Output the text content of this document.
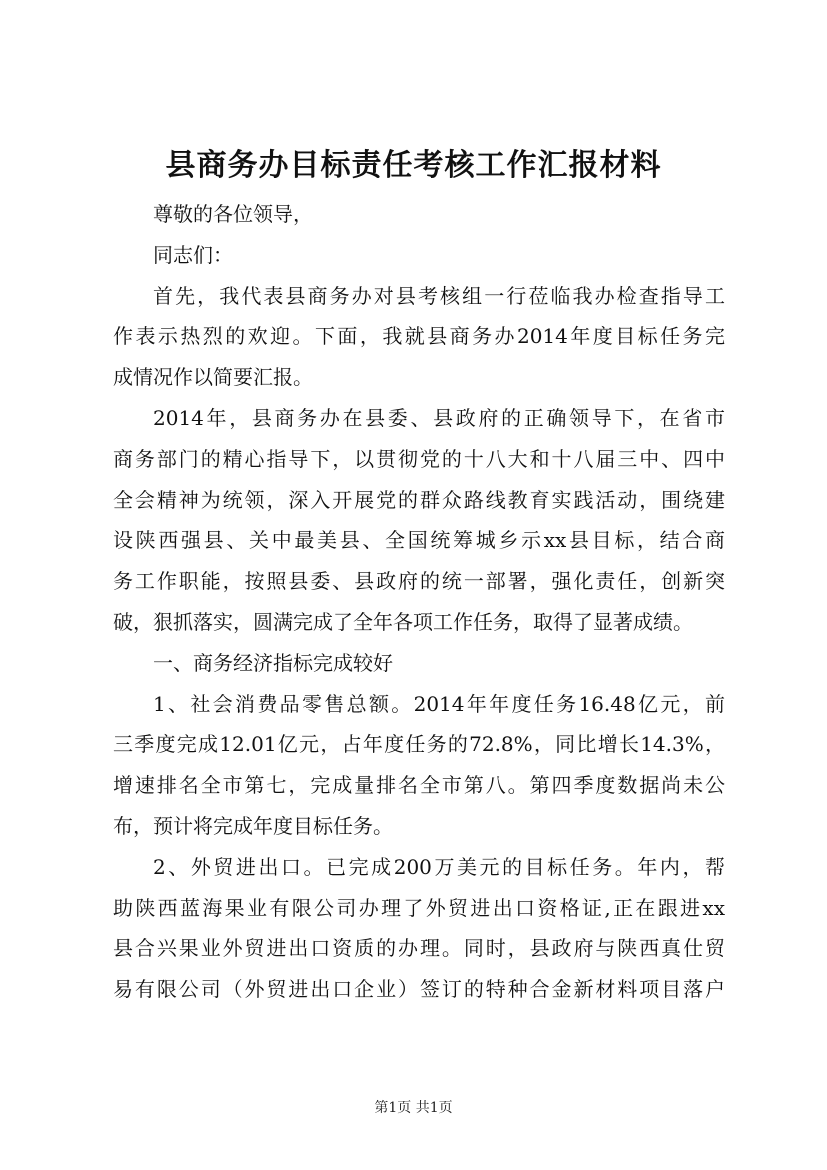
县商务办目标责任考核工作汇报材料
尊敬的各位领导，
同志们：
首先，我代表县商务办对县考核组一行莅临我办检查指导工
作表示热烈的欢迎。下面，我就县商务办2014年度目标任务完
成情况作以简要汇报。
2014年，县商务办在县委、县政府的正确领导下，在省市
商务部门的精心指导下，以贯彻党的十八大和十八届三中、四中
全会精神为统领，深入开展党的群众路线教育实践活动，围绕建
设陕西强县、关中最美县、全国统筹城乡示xx县目标，结合商
务工作职能，按照县委、县政府的统一部署，强化责任，创新突
破，狠抓落实，圆满完成了全年各项工作任务，取得了显著成绩。
一、商务经济指标完成较好
1、社会消费品零售总额。2014年年度任务16.48亿元，前
三季度完成12.01亿元，占年度任务的72.8%，同比增长14.3%，
增速排名全市第七，完成量排名全市第八。第四季度数据尚未公
布，预计将完成年度目标任务。
2、外贸进出口。已完成200万美元的目标任务。年内，帮
助陕西蓝海果业有限公司办理了外贸进出口资格证,正在跟进xx
县合兴果业外贸进出口资质的办理。同时，县政府与陕西真仕贸
易有限公司（外贸进出口企业）签订的特种合金新材料项目落户
第1页 共1页
